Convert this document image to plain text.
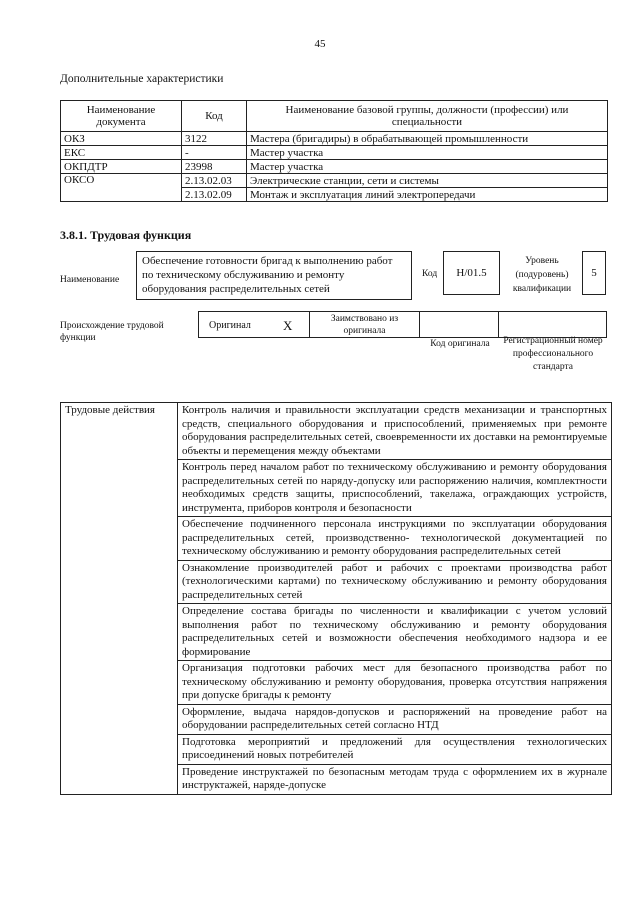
45
Дополнительные характеристики
Наименование документа	Код	Наименование базовой группы, должности (профессии) или специальности
ОКЗ	3122	Мастера (бригадиры) в обрабатывающей промышленности
ЕКС	-	Мастер участка
ОКПДТР	23998	Мастер участка
ОКСО	2.13.02.03	Электрические станции, сети и системы
	2.13.02.09	Монтаж и эксплуатация линий электропередачи
3.8.1. Трудовая функция
Наименование
Обеспечение готовности бригад к выполнению работ по техническому обслуживанию и ремонту оборудования распределительных сетей
Код	H/01.5
Уровень (подуровень) квалификации
5
Происхождение трудовой функции
Оригинал X	Заимствовано из оригинала
Код оригинала	Регистрационный номер профессионального стандарта
Трудовые действия	Контроль наличия и правильности эксплуатации средств механизации и транспортных средств, специального оборудования и приспособлений, применяемых при ремонте оборудования распределительных сетей, своевременности их доставки на ремонтируемые объекты и перемещения между объектами
Контроль перед началом работ по техническому обслуживанию и ремонту оборудования распределительных сетей по наряду-допуску или распоряжению наличия, комплектности необходимых средств защиты, приспособлений, такелажа, ограждающих устройств, инструмента, приборов контроля и безопасности
Обеспечение подчиненного персонала инструкциями по эксплуатации оборудования распределительных сетей, производственно- технологической документацией по техническому обслуживанию и ремонту оборудования распределительных сетей
Ознакомление производителей работ и рабочих с проектами производства работ (технологическими картами) по техническому обслуживанию и ремонту оборудования распределительных сетей
Определение состава бригады по численности и квалификации с учетом условий выполнения работ по техническому обслуживанию и ремонту оборудования распределительных сетей и возможности обеспечения необходимого надзора и ее формирование
Организация подготовки рабочих мест для безопасного производства работ по техническому обслуживанию и ремонту оборудования, проверка отсутствия напряжения при допуске бригады к ремонту
Оформление, выдача нарядов-допусков и распоряжений на проведение работ на оборудовании распределительных сетей согласно НТД
Подготовка мероприятий и предложений для осуществления технологических присоединений новых потребителей
Проведение инструктажей по безопасным методам труда с оформлением их в журнале инструктажей, наряде-допуске
